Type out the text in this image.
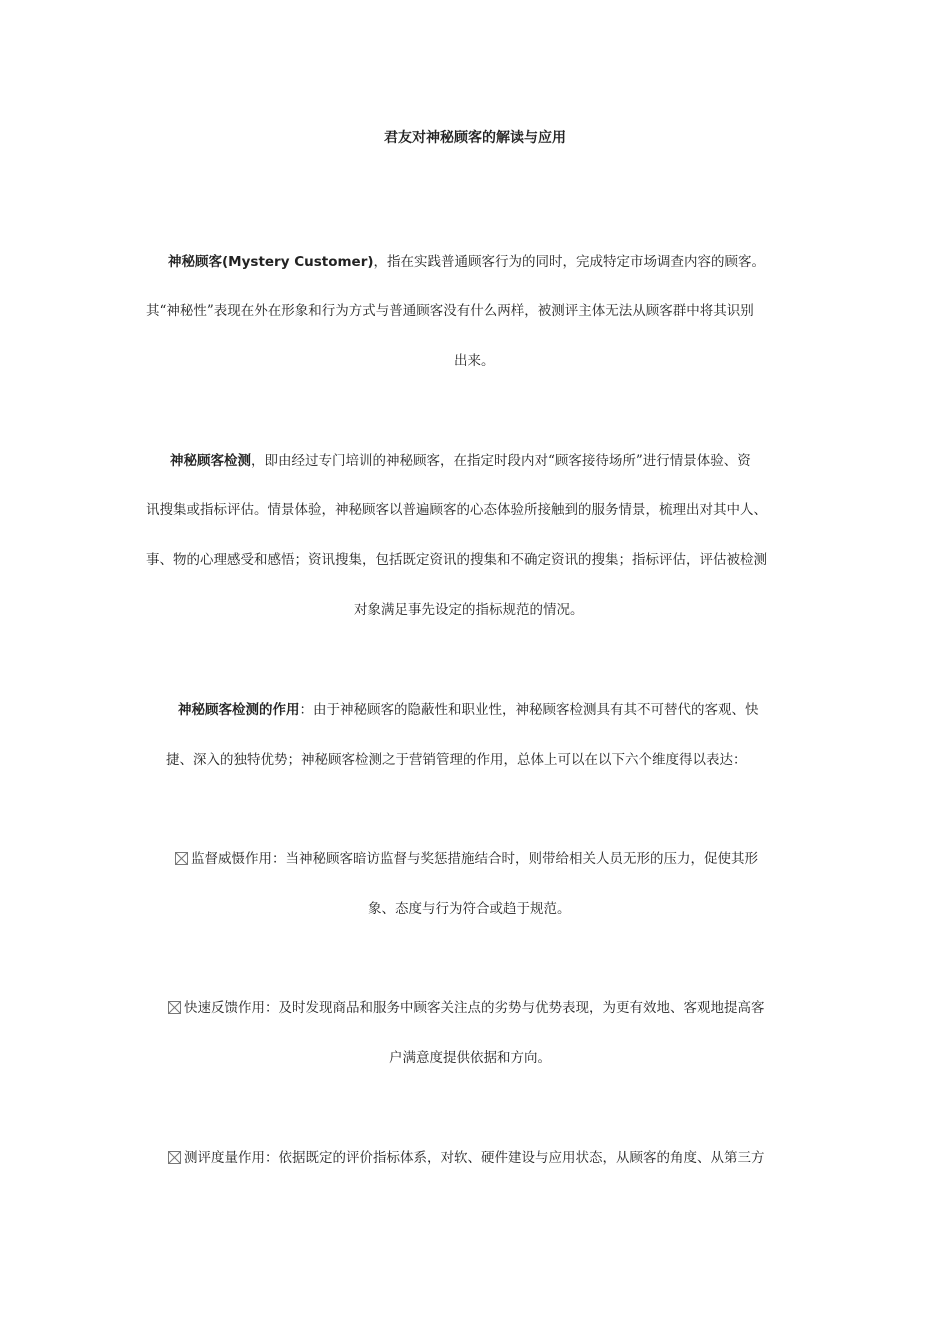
君友对神秘顾客的解读与应用
神秘顾客(Mystery Customer)，指在实践普通顾客行为的同时，完成特定市场调查内容的顾客。
其“神秘性”表现在外在形象和行为方式与普通顾客没有什么两样，被测评主体无法从顾客群中将其识别
出来。
神秘顾客检测，即由经过专门培训的神秘顾客，在指定时段内对“顾客接待场所”进行情景体验、资
讯搜集或指标评估。情景体验，神秘顾客以普遍顾客的心态体验所接触到的服务情景，梳理出对其中人、
事、物的心理感受和感悟；资讯搜集，包括既定资讯的搜集和不确定资讯的搜集；指标评估，评估被检测
对象满足事先设定的指标规范的情况。
神秘顾客检测的作用：由于神秘顾客的隐蔽性和职业性，神秘顾客检测具有其不可替代的客观、快
捷、深入的独特优势；神秘顾客检测之于营销管理的作用，总体上可以在以下六个维度得以表达：
监督威慑作用：当神秘顾客暗访监督与奖惩措施结合时，则带给相关人员无形的压力，促使其形
象、态度与行为符合或趋于规范。
快速反馈作用：及时发现商品和服务中顾客关注点的劣势与优势表现，为更有效地、客观地提高客
户满意度提供依据和方向。
测评度量作用：依据既定的评价指标体系，对软、硬件建设与应用状态，从顾客的角度、从第三方
